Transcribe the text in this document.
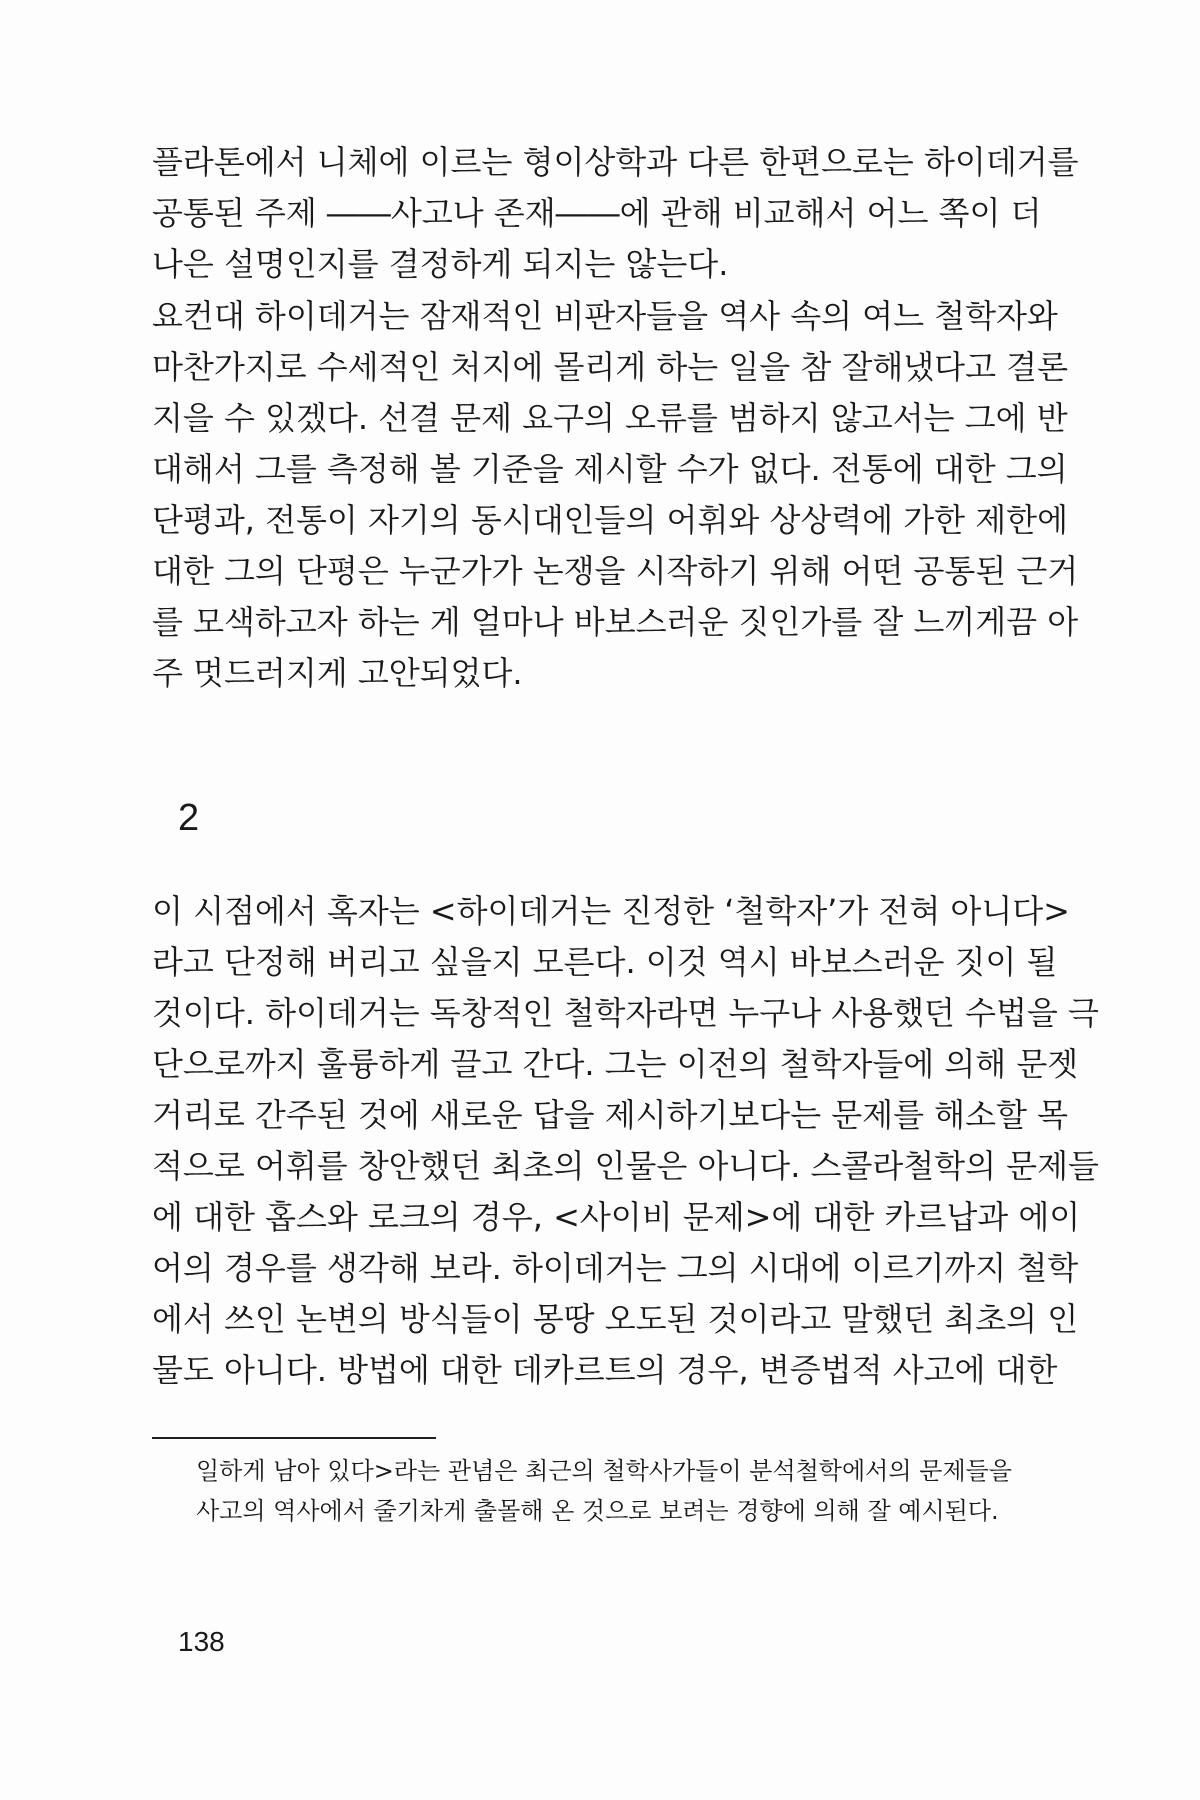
플라톤에서 니체에 이르는 형이상학과 다른 한편으로는 하이데거를
공통된 주제 ――사고나 존재――에 관해 비교해서 어느 쪽이 더
나은 설명인지를 결정하게 되지는 않는다.
요컨대 하이데거는 잠재적인 비판자들을 역사 속의 여느 철학자와
마찬가지로 수세적인 처지에 몰리게 하는 일을 참 잘해냈다고 결론
지을 수 있겠다. 선결 문제 요구의 오류를 범하지 않고서는 그에 반
대해서 그를 측정해 볼 기준을 제시할 수가 없다. 전통에 대한 그의
단평과, 전통이 자기의 동시대인들의 어휘와 상상력에 가한 제한에
대한 그의 단평은 누군가가 논쟁을 시작하기 위해 어떤 공통된 근거
를 모색하고자 하는 게 얼마나 바보스러운 짓인가를 잘 느끼게끔 아
주 멋드러지게 고안되었다.
2
이 시점에서 혹자는 <하이데거는 진정한 ‘철학자’가 전혀 아니다>
라고 단정해 버리고 싶을지 모른다. 이것 역시 바보스러운 짓이 될
것이다. 하이데거는 독창적인 철학자라면 누구나 사용했던 수법을 극
단으로까지 훌륭하게 끌고 간다. 그는 이전의 철학자들에 의해 문젯
거리로 간주된 것에 새로운 답을 제시하기보다는 문제를 해소할 목
적으로 어휘를 창안했던 최초의 인물은 아니다. 스콜라철학의 문제들
에 대한 홉스와 로크의 경우, <사이비 문제>에 대한 카르납과 에이
어의 경우를 생각해 보라. 하이데거는 그의 시대에 이르기까지 철학
에서 쓰인 논변의 방식들이 몽땅 오도된 것이라고 말했던 최초의 인
물도 아니다. 방법에 대한 데카르트의 경우, 변증법적 사고에 대한
일하게 남아 있다>라는 관념은 최근의 철학사가들이 분석철학에서의 문제들을
사고의 역사에서 줄기차게 출몰해 온 것으로 보려는 경향에 의해 잘 예시된다.
138
